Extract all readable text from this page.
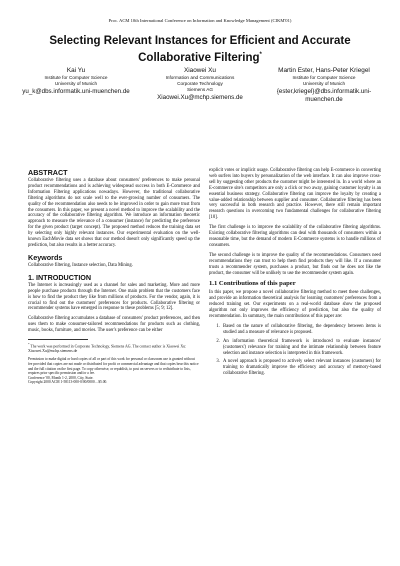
Proc. ACM 10th International Conference on Information and Knowledge Management (CIKM'01)
Selecting Relevant Instances for Efficient and Accurate
Collaborative Filtering*
Kai Yu
Institute for Computer Science
University of Munich
yu_k@dbs.informatik.uni-muenchen.de
Xiaowei Xu
Information and Communications
Corporate Technology
Siemens AG
Xiaowei.Xu@mchp.siemens.de
Martin Ester, Hans-Peter Kriegel
Institute for Computer Science
University of Munich
{ester,kriegel}@dbs.informatik.uni-muenchen.de
ABSTRACT

Collaborative filtering uses a database about consumers' preferences to make personal product recommendations and is achieving widespread success in both E-Commerce and Information Filtering applications nowadays. However, the traditional collaborative filtering algorithms do not scale well to the ever-growing number of consumers. The quality of the recommendation also needs to be improved in order to gain more trust from the consumers. In this paper, we present a novel method to improve the scalability and the accuracy of the collaborative filtering algorithm. We introduce an information theoretic approach to measure the relevance of a consumer (instance) for predicting the preference for the given product (target concept). The proposed method reduces the training data set by selecting only highly relevant instances. Our experimental evaluation on the well-known EachMovie data set shows that our method doesn't only significantly speed up the prediction, but also results in a better accuracy.

Keywords

Collaborative filtering, Instance selection, Data Mining.

1. INTRODUCTION

The Internet is increasingly used as a channel for sales and marketing. More and more people purchase products through the Internet. One main problem that the customers face is how to find the product they like from millions of products. For the vendor, again, it is crucial to find out the customers' preferences for products. Collaborative filtering or recommender systems have emerged in response to these problems [5; 9; 12].

Collaborative filtering accumulates a database of consumers' product preferences, and then uses them to make consumer-tailored recommendations for products such as clothing, music, books, furniture, and movies. The user's preference can be either

* The work was performed in Corporate Technology, Siemens AG. The contact author is Xiaowei Xu: Xiaowei.Xu@mchp.siemens.de
Permission to make digital or hard copies of all or part of this work for personal or classroom use is granted without fee provided that copies are not made or distributed for profit or commercial advantage and that copies bear this notice and the full citation on the first page. To copy otherwise, or republish, to post on servers or to redistribute to lists, requires prior specific permission and/or a fee.
Conference '00, Month 1-2, 2000, City, State.
Copyright 2000 ACM 1-58113-000-0/00/0000…$5.00.

explicit votes or implicit usage. Collaborative filtering can help E-commerce in converting web surfers into buyers by personalization of the web interface. It can also improve cross-sell by suggesting other products the customer might be interested in. In a world where an E-commerce site's competitors are only a click or two away, gaining customer loyalty is an essential business strategy. Collaborative filtering can improve the loyalty by creating a value-added relationship between supplier and consumer. Collaborative filtering has been very successful in both research and practice. However, there still remain important research questions in overcoming two fundamental challenges for collaborative filtering [10].

The first challenge is to improve the scalability of the collaborative filtering algorithms. Existing collaborative filtering algorithms can deal with thousands of consumers within a reasonable time, but the demand of modern E-Commerce systems is to handle millions of consumers.

The second challenge is to improve the quality of the recommendations. Consumers need recommendations they can trust to help them find products they will like. If a consumer trusts a recommender system, purchases a product, but finds out he does not like the product, the consumer will be unlikely to use the recommender system again.

1.1 Contributions of this paper

In this paper, we propose a novel collaborative filtering method to meet these challenges, and provide an information theoretical analysis for learning customers' preferences from a reduced training set. Our experiments on a real-world database show the proposed algorithm not only improves the efficiency of prediction, but also the quality of recommendation. In summary, the main contributions of this paper are:

1. Based on the nature of collaborative filtering, the dependency between items is studied and a measure of relevance is proposed.
2. An information theoretical framework is introduced to evaluate instances' (customers') relevance for training and the intimate relationship between feature selection and instance selection is interpreted in this framework.
3. A novel approach is proposed to actively select relevant instances (customers) for training to dramatically improve the efficiency and accuracy of memory-based collaborative filtering.
